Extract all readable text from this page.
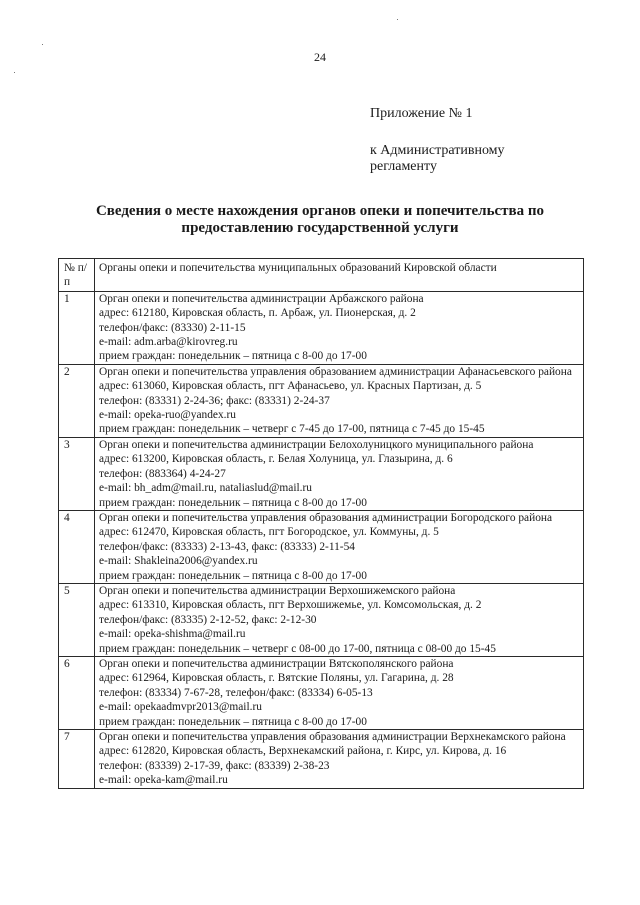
24
Приложение № 1
к Административному регламенту
Сведения о месте нахождения органов опеки и попечительства по предоставлению государственной услуги
№ п/п	Органы опеки и попечительства муниципальных образований Кировской области
1	Орган опеки и попечительства администрации Арбажского района
адрес: 612180, Кировская область, п. Арбаж, ул. Пионерская, д. 2
телефон/факс: (83330) 2-11-15
e-mail: adm.arba@kirovreg.ru
прием граждан: понедельник – пятница с 8-00 до 17-00

2	Орган опеки и попечительства управления образованием администрации Афанасьевского района
адрес: 613060, Кировская область, пгт Афанасьево, ул. Красных Партизан, д. 5
телефон: (83331) 2-24-36; факс: (83331) 2-24-37
e-mail: opeka-ruo@yandex.ru
прием граждан: понедельник – четверг с 7-45 до 17-00, пятница с 7-45 до 15-45

3	Орган опеки и попечительства администрации Белохолуницкого муниципального района
адрес: 613200, Кировская область, г. Белая Холуница, ул. Глазырина, д. 6
телефон: (883364) 4-24-27
e-mail: bh_adm@mail.ru, nataliaslud@mail.ru
прием граждан: понедельник – пятница с 8-00 до 17-00

4	Орган опеки и попечительства управления образования администрации Богородского района
адрес: 612470, Кировская область, пгт Богородское, ул. Коммуны, д. 5
телефон/факс: (83333) 2-13-43, факс: (83333) 2-11-54
e-mail: Shakleina2006@yandex.ru
прием граждан: понедельник – пятница с 8-00 до 17-00

5	Орган опеки и попечительства администрации Верхошижемского района
адрес: 613310, Кировская область, пгт Верхошижемье, ул. Комсомольская, д. 2
телефон/факс: (83335) 2-12-52, факс: 2-12-30
e-mail: opeka-shishma@mail.ru
прием граждан: понедельник – четверг с 08-00 до 17-00, пятница с 08-00 до 15-45

6	Орган опеки и попечительства администрации Вятскополянского района
адрес: 612964, Кировская область, г. Вятские Поляны, ул. Гагарина, д. 28
телефон: (83334) 7-67-28, телефон/факс: (83334) 6-05-13
e-mail: opekaadmvpr2013@mail.ru
прием граждан: понедельник – пятница с 8-00 до 17-00

7	Орган опеки и попечительства управления образования администрации Верхнекамского района
адрес: 612820, Кировская область, Верхнекамский района, г. Кирс, ул. Кирова, д. 16
телефон: (83339) 2-17-39, факс: (83339) 2-38-23
e-mail: opeka-kam@mail.ru
